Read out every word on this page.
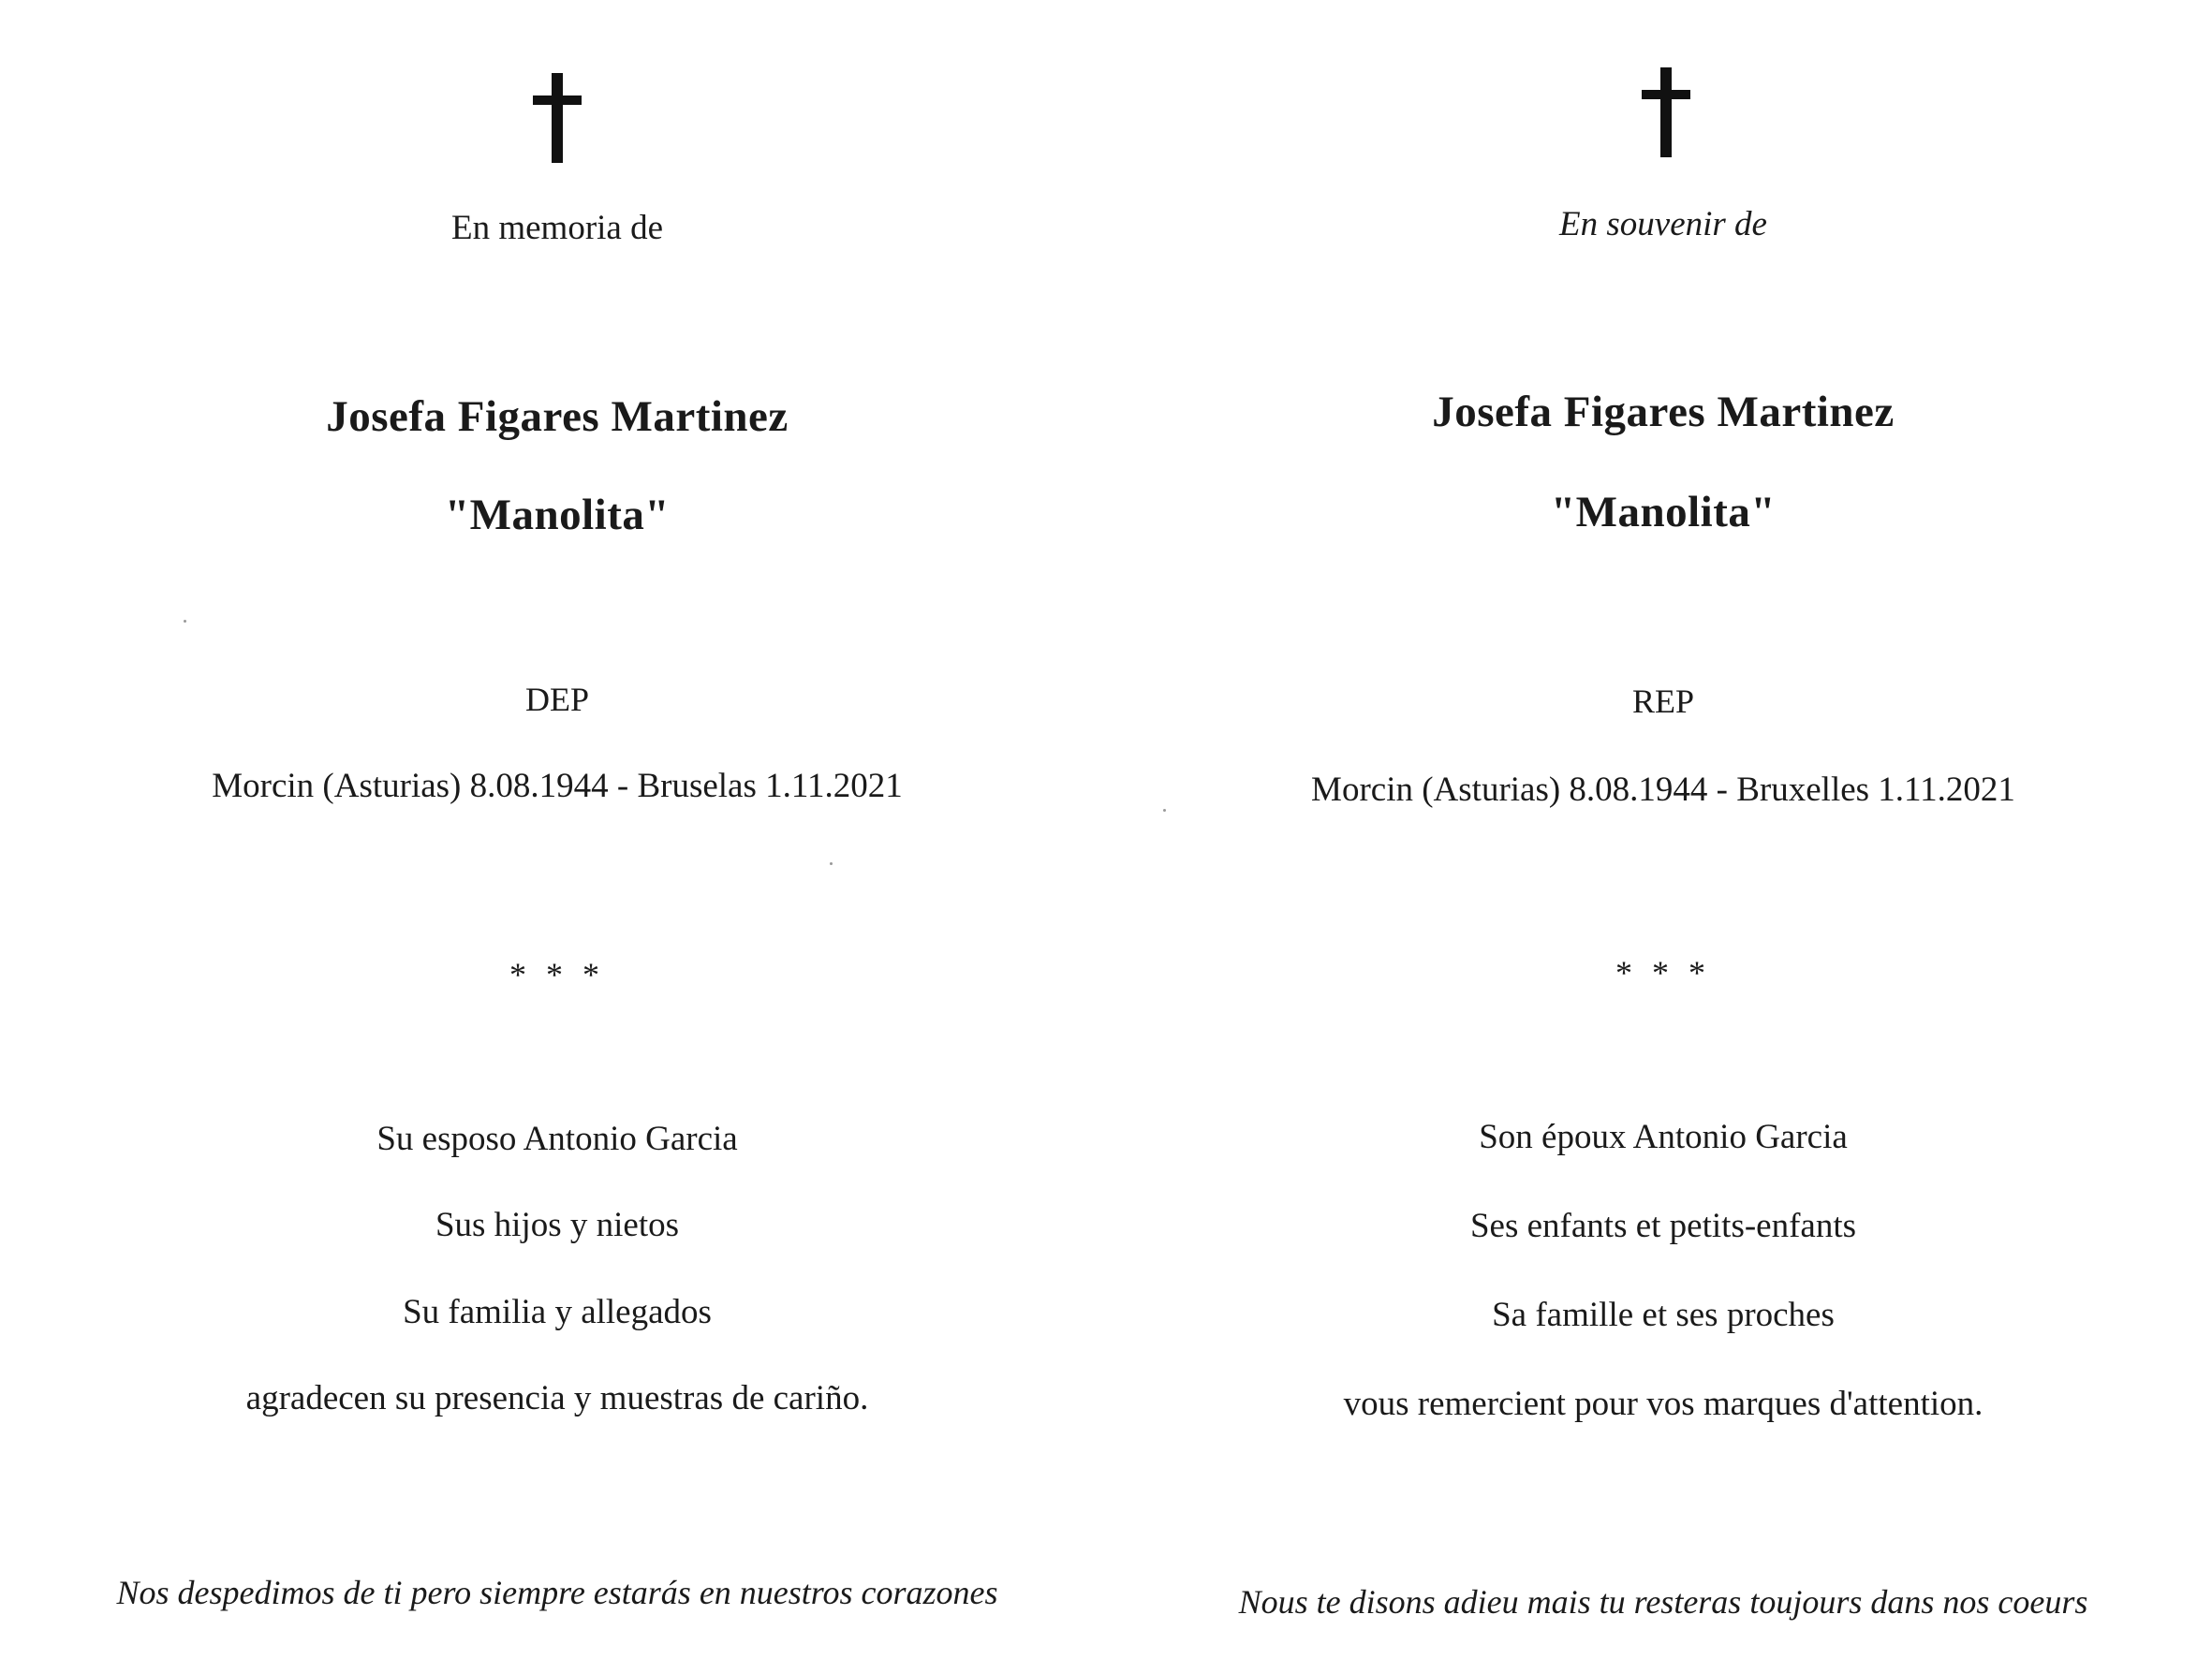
En memoria de

Josefa Figares Martinez

"Manolita"

DEP

Morcin (Asturias) 8.08.1944 - Bruselas 1.11.2021

* * *

Su esposo Antonio Garcia

Sus hijos y nietos

Su familia y allegados

agradecen su presencia y muestras de cariño.

Nos despedimos de ti pero siempre estarás en nuestros corazones

En souvenir de

Josefa Figares Martinez

"Manolita"

REP

Morcin (Asturias) 8.08.1944 - Bruxelles 1.11.2021

* * *

Son époux Antonio Garcia

Ses enfants et petits-enfants

Sa famille et ses proches

vous remercient pour vos marques d'attention.

Nous te disons adieu mais tu resteras toujours dans nos coeurs
